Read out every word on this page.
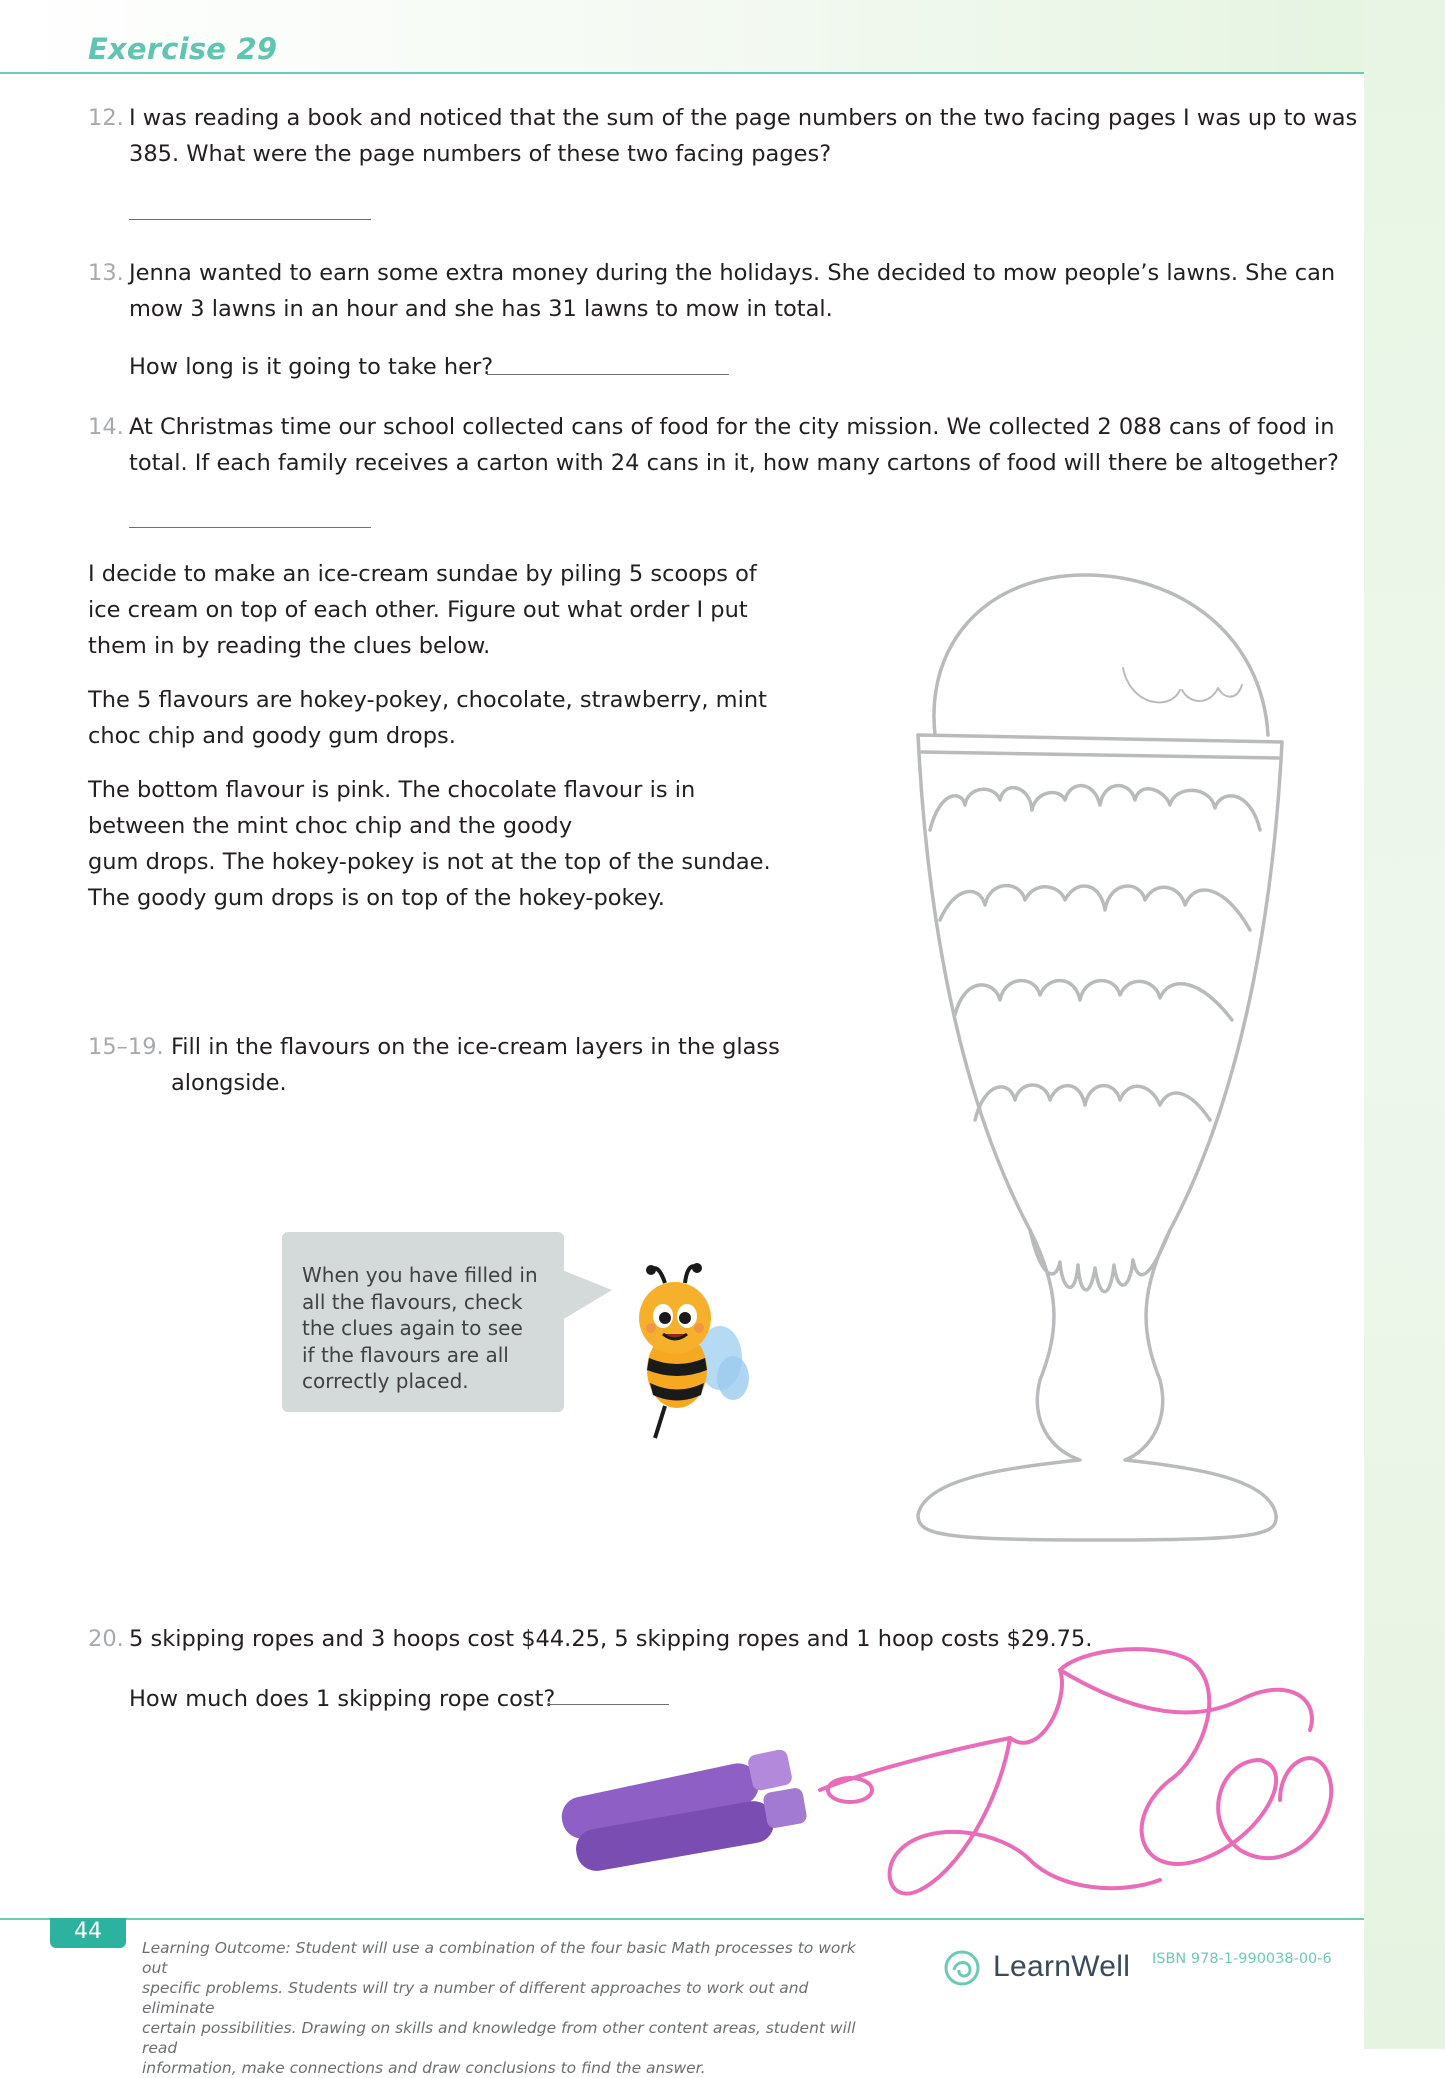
Exercise 29
12. I was reading a book and noticed that the sum of the page numbers on the two facing pages I was up to was
385. What were the page numbers of these two facing pages?
13. Jenna wanted to earn some extra money during the holidays. She decided to mow people’s lawns. She can
mow 3 lawns in an hour and she has 31 lawns to mow in total.
How long is it going to take her?
14. At Christmas time our school collected cans of food for the city mission. We collected 2 088 cans of food in
total. If each family receives a carton with 24 cans in it, how many cartons of food will there be altogether?
I decide to make an ice-cream sundae by piling 5 scoops of
ice cream on top of each other. Figure out what order I put
them in by reading the clues below.
The 5 flavours are hokey-pokey, chocolate, strawberry, mint
choc chip and goody gum drops.
The bottom flavour is pink. The chocolate flavour is in
between the mint choc chip and the goody
gum drops. The hokey-pokey is not at the top of the sundae.
The goody gum drops is on top of the hokey-pokey.
15–19. Fill in the flavours on the ice-cream layers in the glass
alongside.
When you have filled in
all the flavours, check
the clues again to see
if the flavours are all
correctly placed.
20. 5 skipping ropes and 3 hoops cost $44.25, 5 skipping ropes and 1 hoop costs $29.75.
How much does 1 skipping rope cost?
44
Learning Outcome: Student will use a combination of the four basic Math processes to work out
specific problems. Students will try a number of different approaches to work out and eliminate
certain possibilities. Drawing on skills and knowledge from other content areas, student will read
information, make connections and draw conclusions to find the answer.
LearnWell ISBN 978-1-990038-00-6
